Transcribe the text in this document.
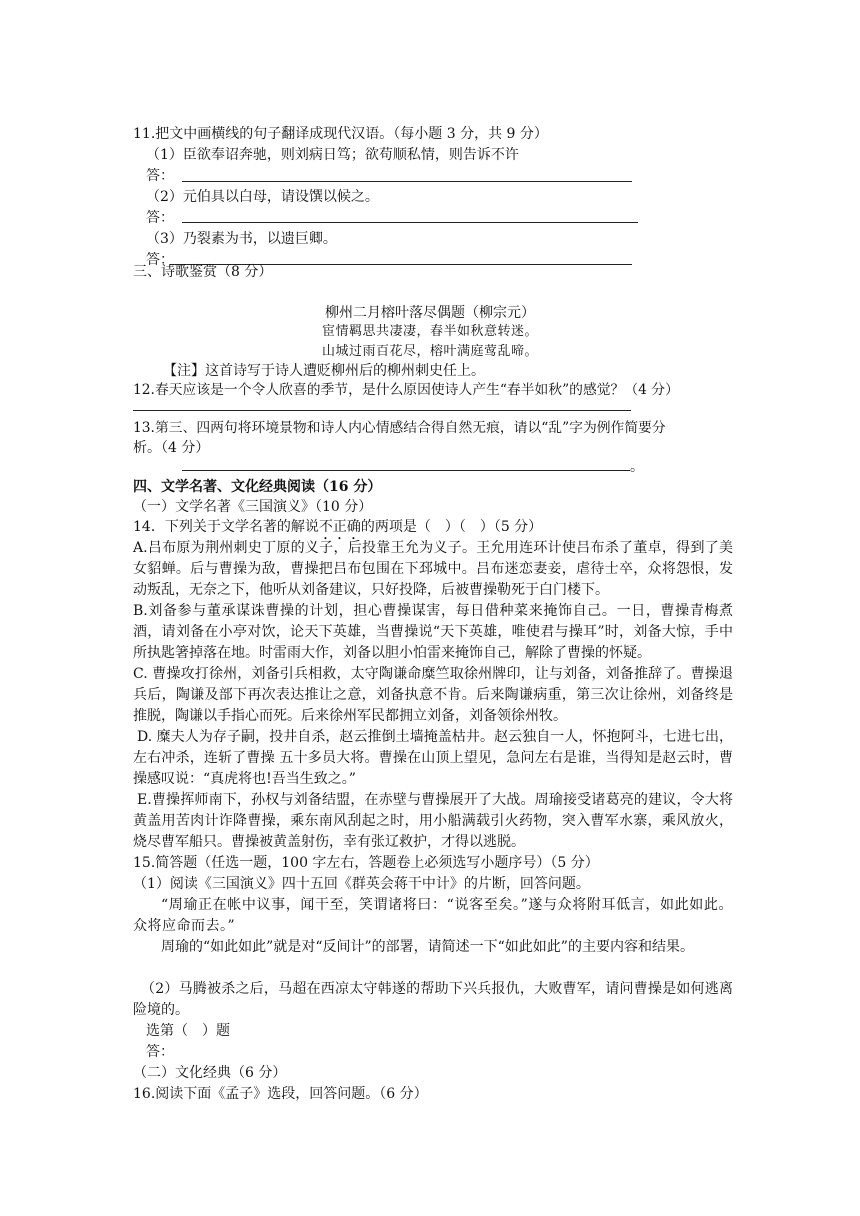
11.把文中画横线的句子翻译成现代汉语。（每小题 3 分，共 9 分）
（1）臣欲奉诏奔驰，则刘病日笃；欲苟顺私情，则告诉不许
答：
（2）元伯具以白母，请设馔以候之。
答：
（3）乃裂素为书，以遗巨卿。
答：
三、诗歌鉴赏（8 分）
柳州二月榕叶落尽偶题（柳宗元）
宦情羁思共凄凄，春半如秋意转迷。
山城过雨百花尽，榕叶满庭莺乱啼。
【注】这首诗写于诗人遭贬柳州后的柳州刺史任上。
12.春天应该是一个令人欣喜的季节，是什么原因使诗人产生“春半如秋”的感觉？（4 分）
13.第三、四两句将环境景物和诗人内心情感结合得自然无痕，请以“乱”字为例作简要分
析。（4 分）
。
四、文学名著、文化经典阅读（16 分）
（一）文学名著《三国演义》（10 分）
14．下列关于文学名著的解说不正确的两项是（　）（　）（5 分）
A.吕布原为荆州刺史丁原的义子，后投靠王允为义子。王允用连环计使吕布杀了董卓，得到了美女貂蝉。后与曹操为敌，曹操把吕布包围在下邳城中。吕布迷恋妻妾，虐待士卒，众将怨恨，发动叛乱，无奈之下，他听从刘备建议，只好投降，后被曹操勒死于白门楼下。
B.刘备参与董承谋诛曹操的计划，担心曹操谋害，每日借种菜来掩饰自己。一日，曹操青梅煮酒，请刘备在小亭对饮，论天下英雄，当曹操说“天下英雄，唯使君与操耳”时，刘备大惊，手中所执匙箸掉落在地。时雷雨大作，刘备以胆小怕雷来掩饰自己，解除了曹操的怀疑。
C. 曹操攻打徐州，刘备引兵相救，太守陶谦命糜竺取徐州牌印，让与刘备，刘备推辞了。曹操退兵后，陶谦及部下再次表达推让之意，刘备执意不肯。后来陶谦病重，第三次让徐州，刘备终是推脱，陶谦以手指心而死。后来徐州军民都拥立刘备，刘备领徐州牧。
D. 糜夫人为存子嗣，投井自杀，赵云推倒土墙掩盖枯井。赵云独自一人，怀抱阿斗，七进七出，左右冲杀，连斩了曹操 五十多员大将。曹操在山顶上望见，急问左右是谁，当得知是赵云时，曹操感叹说：“真虎将也!吾当生致之。”
E.曹操挥师南下，孙权与刘备结盟，在赤壁与曹操展开了大战。周瑜接受诸葛亮的建议，令大将黄盖用苦肉计诈降曹操，乘东南风刮起之时，用小船满载引火药物，突入曹军水寨，乘风放火，烧尽曹军船只。曹操被黄盖射伤，幸有张辽救护，才得以逃脱。
15.简答题（任选一题，100 字左右，答题卷上必须选写小题序号）（5 分）
（1）阅读《三国演义》四十五回《群英会蒋干中计》的片断，回答问题。
“周瑜正在帐中议事，闻干至，笑谓诸将曰：“说客至矣。”遂与众将附耳低言，如此如此。众将应命而去。”
周瑜的“如此如此”就是对“反间计”的部署，请简述一下“如此如此”的主要内容和结果。
（2）马腾被杀之后，马超在西凉太守韩遂的帮助下兴兵报仇，大败曹军，请问曹操是如何逃离险境的。
选第（　）题
答：
（二）文化经典（6 分）
16.阅读下面《孟子》选段，回答问题。（6 分）
